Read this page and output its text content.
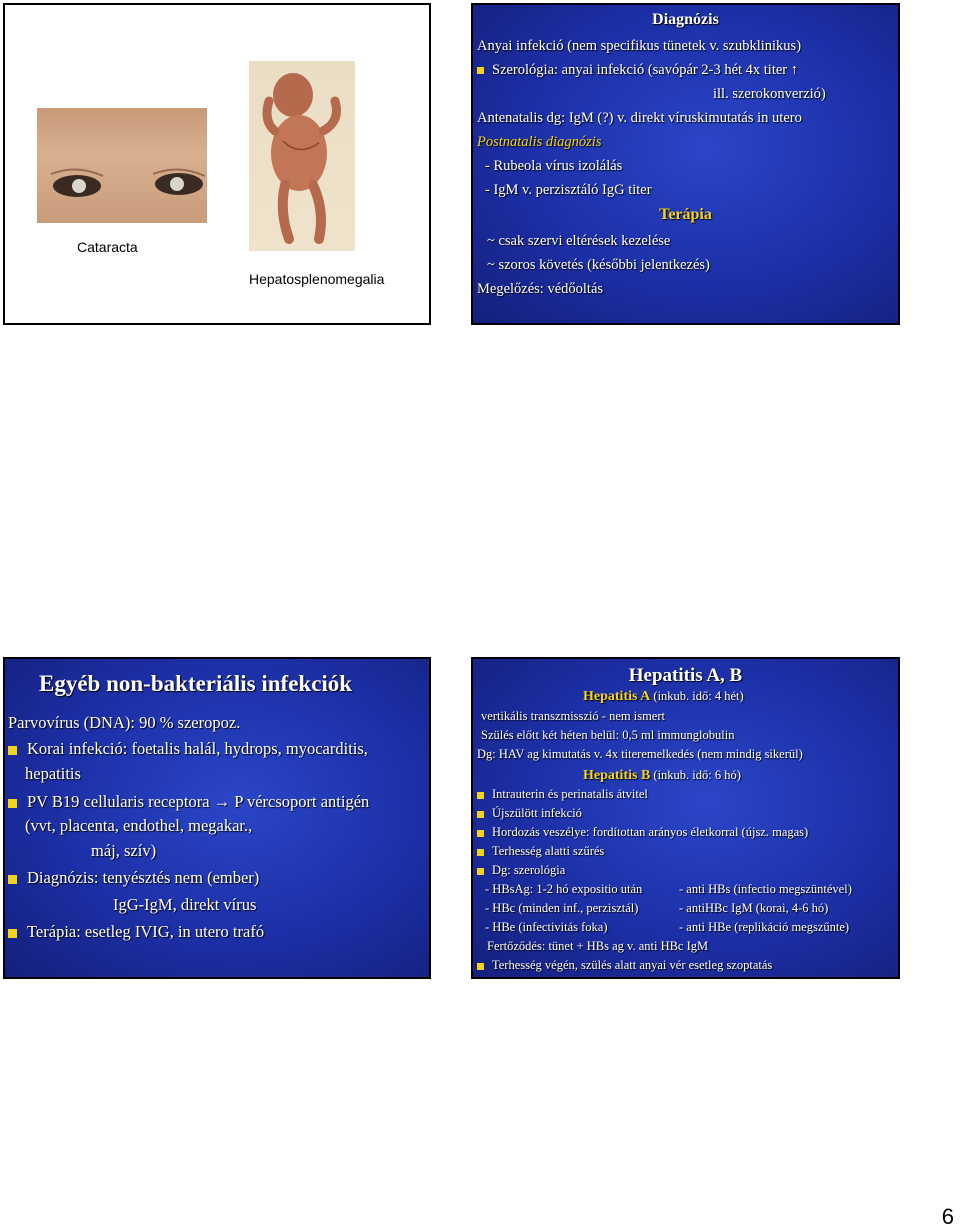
Cataracta
Hepatosplenomegalia
Diagnózis
Anyai infekció (nem specifikus tünetek v. szubklinikus)
Szerológia: anyai infekció (savópár 2-3 hét 4x titer ↑
ill. szerokonverzió)
Antenatalis dg: IgM (?) v. direkt víruskimutatás in utero
Postnatalis diagnózis
- Rubeola vírus izolálás
- IgM v. perzisztáló IgG titer
Terápia
~ csak szervi eltérések kezelése
~ szoros követés (későbbi jelentkezés)
Megelőzés: védőoltás
Egyéb non-bakteriális infekciók
Parvovírus (DNA): 90 % szeropoz.
Korai infekció: foetalis halál, hydrops, myocarditis,
hepatitis
PV B19 cellularis receptora → P vércsoport antigén
(vvt, placenta, endothel, megakar.,
máj, szív)
Diagnózis: tenyésztés nem (ember)
IgG-IgM, direkt vírus
Terápia: esetleg IVIG, in utero trafó
Hepatitis A, B
Hepatitis A (inkub. idő: 4 hét)
vertikális transzmisszió - nem ismert
Szülés előtt két héten belül: 0,5 ml immunglobulin
Dg: HAV ag kimutatás v. 4x titeremelkedés (nem mindig sikerül)
Hepatitis B (inkub. idő: 6 hó)
Intrauterin és perinatalis átvitel
Újszülött infekció
Hordozás veszélye: fordítottan arányos életkorral (újsz. magas)
Terhesség alatti szűrés
Dg: szerológia
- HBsAg: 1-2 hó expositio után	- anti HBs (infectio megszüntével)
- HBc (minden inf., perzisztál)	- antiHBc IgM (korai, 4-6 hó)
- HBe (infectivitás foka)	- anti HBe (replikáció megszűnte)
Fertőződés: tünet + HBs ag v. anti HBc IgM
Terhesség végén, szülés alatt anyai vér esetleg szoptatás
6
